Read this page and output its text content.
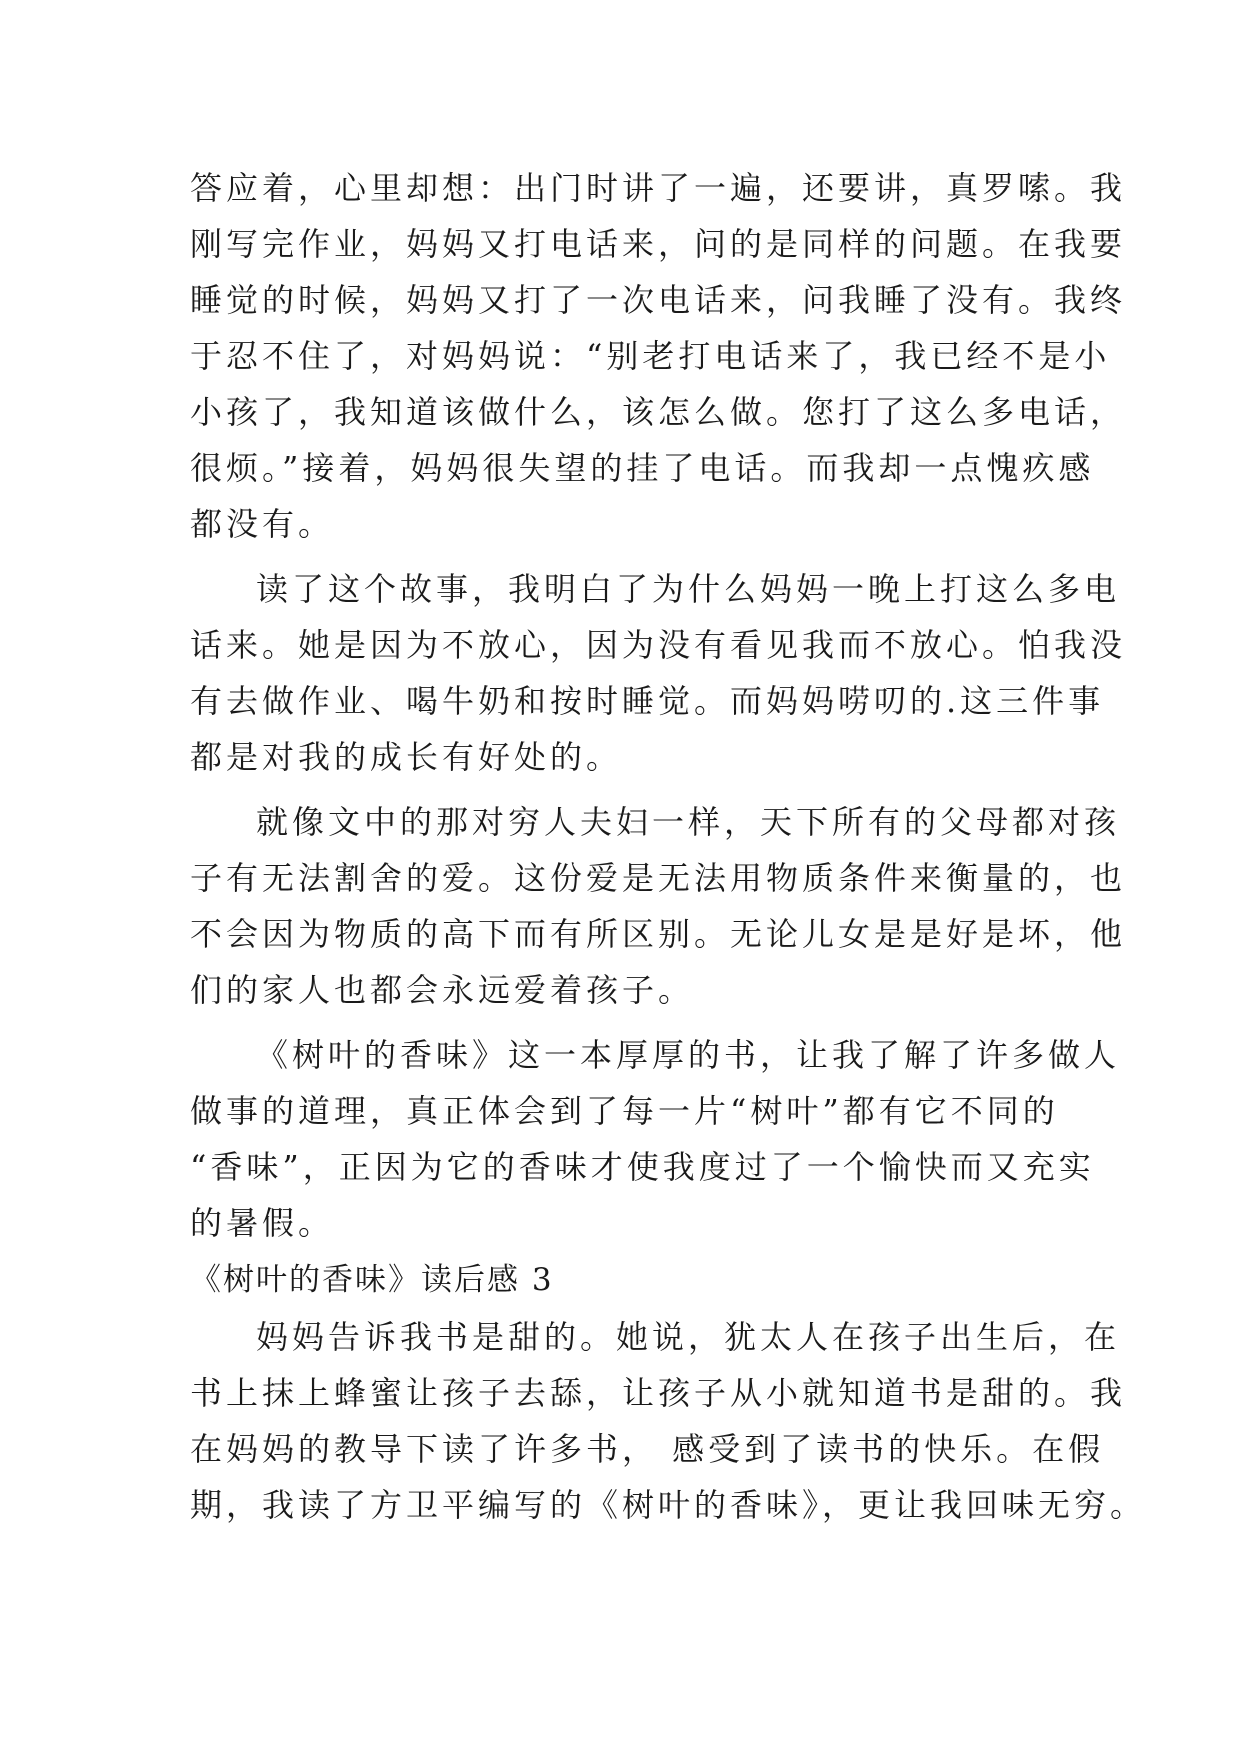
答应着，心里却想：出门时讲了一遍，还要讲，真罗嗦。我
刚写完作业，妈妈又打电话来，问的是同样的问题。在我要
睡觉的时候，妈妈又打了一次电话来，问我睡了没有。我终
于忍不住了，对妈妈说：“别老打电话来了，我已经不是小
小孩了，我知道该做什么，该怎么做。您打了这么多电话，
很烦。”接着，妈妈很失望的挂了电话。而我却一点愧疚感
都没有。
读了这个故事，我明白了为什么妈妈一晚上打这么多电
话来。她是因为不放心，因为没有看见我而不放心。怕我没
有去做作业、喝牛奶和按时睡觉。而妈妈唠叨的.这三件事
都是对我的成长有好处的。
就像文中的那对穷人夫妇一样，天下所有的父母都对孩
子有无法割舍的爱。这份爱是无法用物质条件来衡量的，也
不会因为物质的高下而有所区别。无论儿女是是好是坏，他
们的家人也都会永远爱着孩子。
《树叶的香味》这一本厚厚的书，让我了解了许多做人
做事的道理，真正体会到了每一片“树叶”都有它不同的
“香味”，正因为它的香味才使我度过了一个愉快而又充实
的暑假。
《树叶的香味》读后感 3
妈妈告诉我书是甜的。她说，犹太人在孩子出生后，在
书上抹上蜂蜜让孩子去舔，让孩子从小就知道书是甜的。我
在妈妈的教导下读了许多书， 感受到了读书的快乐。在假
期，我读了方卫平编写的《树叶的香味》，更让我回味无穷。
